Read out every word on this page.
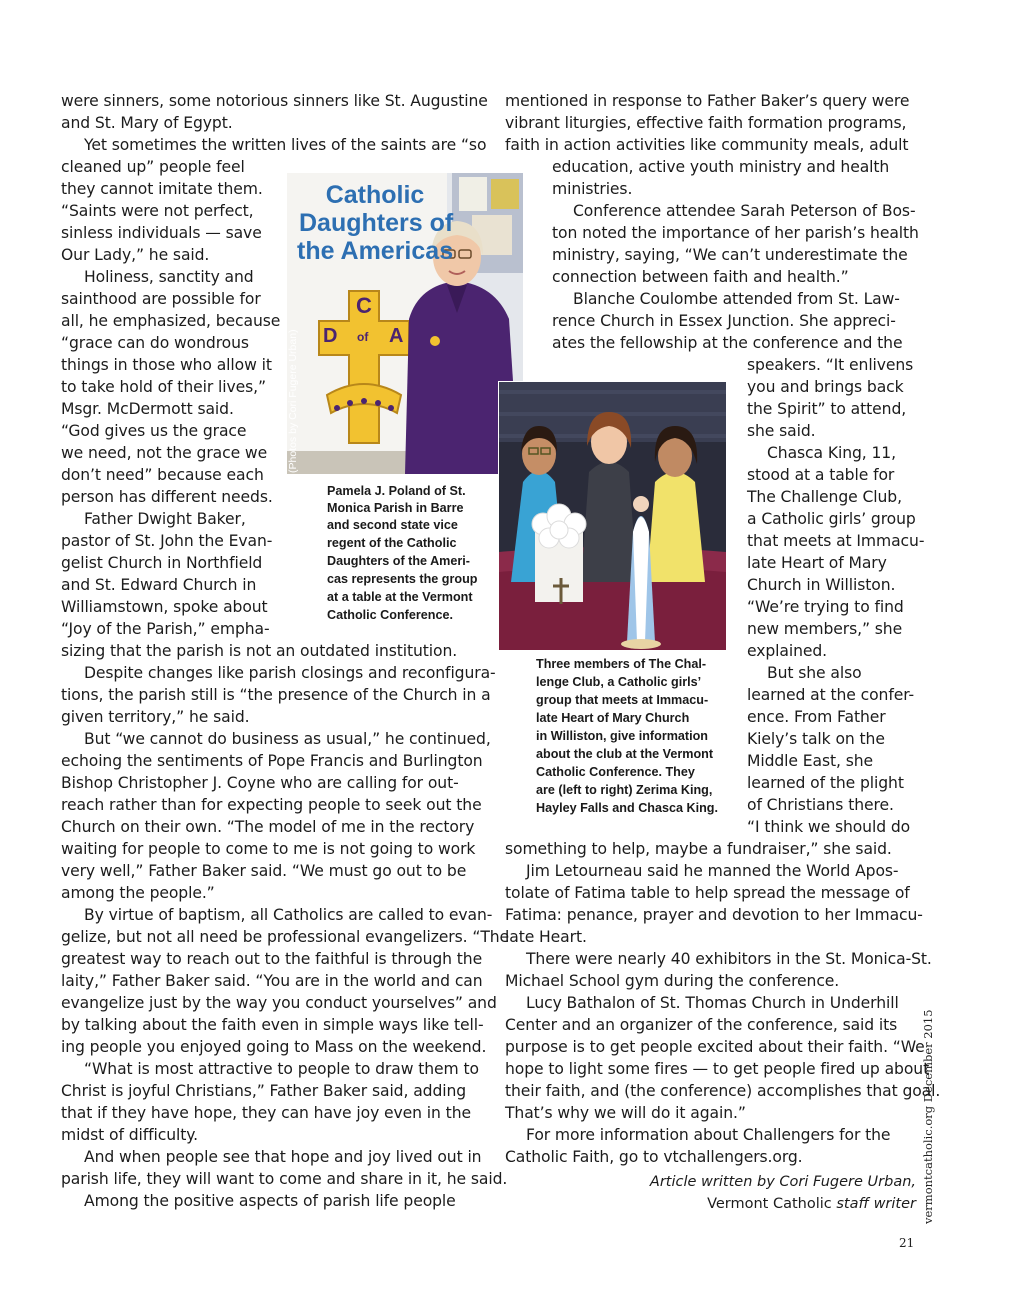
were sinners, some notorious sinners like St. Augustine
and St. Mary of Egypt.
Yet sometimes the written lives of the saints are “so
cleaned up” people feel
they cannot imitate them.
“Saints were not perfect,
sinless individuals — save
Our Lady,” he said.
Holiness, sanctity and
sainthood are possible for
all, he emphasized, because
“grace can do wondrous
things in those who allow it
to take hold of their lives,”
Msgr. McDermott said.
“God gives us the grace
we need, not the grace we
don’t need” because each
person has different needs.
Father Dwight Baker,
pastor of St. John the Evan-
gelist Church in Northfield
and St. Edward Church in
Williamstown, spoke about
“Joy of the Parish,” empha-
sizing that the parish is not an outdated institution.
Despite changes like parish closings and reconfigura-
tions, the parish still is “the presence of the Church in a
given territory,” he said.
But “we cannot do business as usual,” he continued,
echoing the sentiments of Pope Francis and Burlington
Bishop Christopher J. Coyne who are calling for out-
reach rather than for expecting people to seek out the
Church on their own. “The model of me in the rectory
waiting for people to come to me is not going to work
very well,” Father Baker said. “We must go out to be
among the people.”
By virtue of baptism, all Catholics are called to evan-
gelize, but not all need be professional evangelizers. “The
greatest way to reach out to the faithful is through the
laity,” Father Baker said. “You are in the world and can
evangelize just by the way you conduct yourselves” and
by talking about the faith even in simple ways like tell-
ing people you enjoyed going to Mass on the weekend.
“What is most attractive to people to draw them to
Christ is joyful Christians,” Father Baker said, adding
that if they have hope, they can have joy even in the
midst of difficulty.
And when people see that hope and joy lived out in
parish life, they will want to come and share in it, he said.
Among the positive aspects of parish life people
mentioned in response to Father Baker’s query were
vibrant liturgies, effective faith formation programs,
faith in action activities like community meals, adult
education, active youth ministry and health
ministries.
Conference attendee Sarah Peterson of Bos-
ton noted the importance of her parish’s health
ministry, saying, “We can’t underestimate the
connection between faith and health.”
Blanche Coulombe attended from St. Law-
rence Church in Essex Junction. She appreci-
ates the fellowship at the conference and the
speakers. “It enlivens
you and brings back
the Spirit” to attend,
she said.
Chasca King, 11,
stood at a table for
The Challenge Club,
a Catholic girls’ group
that meets at Immacu-
late Heart of Mary
Church in Williston.
“We’re trying to find
new members,” she
explained.
But she also
learned at the confer-
ence. From Father
Kiely’s talk on the
Middle East, she
learned of the plight
of Christians there.
“I think we should do
something to help, maybe a fundraiser,” she said.
Jim Letourneau said he manned the World Apos-
tolate of Fatima table to help spread the message of
Fatima: penance, prayer and devotion to her Immacu-
late Heart.
There were nearly 40 exhibitors in the St. Monica-St.
Michael School gym during the conference.
Lucy Bathalon of St. Thomas Church in Underhill
Center and an organizer of the conference, said its
purpose is to get people excited about their faith. “We
hope to light some fires — to get people fired up about
their faith, and (the conference) accomplishes that goal.
That’s why we will do it again.”
For more information about Challengers for the
Catholic Faith, go to vtchallengers.org.
Article written by Cori Fugere Urban,
Vermont Catholic staff writer
Catholic
Daughters of
the Americas
C
D of A
(Photos by Cori Fugere Urban)
Pamela J. Poland of St.
Monica Parish in Barre
and second state vice
regent of the Catholic
Daughters of the Ameri-
cas represents the group
at a table at the Vermont
Catholic Conference.
Three members of The Chal-
lenge Club, a Catholic girls’
group that meets at Immacu-
late Heart of Mary Church
in Williston, give information
about the club at the Vermont
Catholic Conference. They
are (left to right) Zerima King,
Hayley Falls and Chasca King.
vermontcatholic.org December 2015
21
